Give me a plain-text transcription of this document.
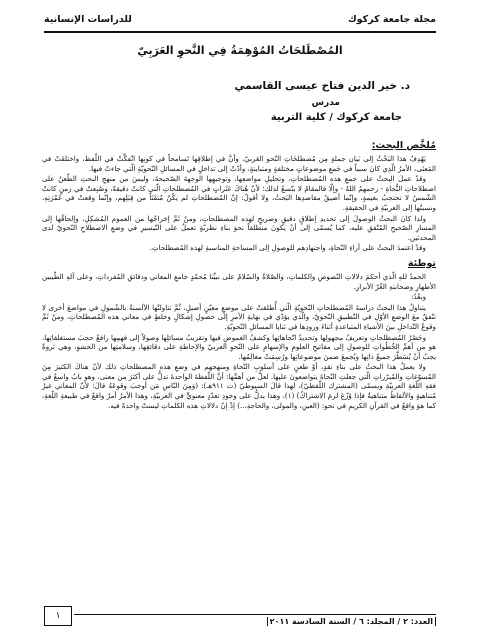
مجلة جامعة كركوك
للدراسات الإنسانية
المُصْطَلحَاتُ المُوْهِمَةُ فِي النَّحوِ العَرَبِيّ
د. خير الدين فتاح عيسى القاسمي
مدرس
جامعة كركوك / كلية التربية
مُلخَّص البحث:

يَهْدِفُ هذا البَحْثُ إلى بَيان جملةٍ مِن مُصطلحَاتِ النّحو العَربيّ، وأنَّ في إطلاقِها تَسامحاً في كونِها انْفكَّتْ في اللّفظ، واختلفَتْ في المَعنَى، الأمرُ الّذِي كانَ سبباً في جَمعِ موضوعاتٍ مختلفةٍ ومتباينةٍ، وأدّتْ إلى تداخلٍ في المسائلِ النّحويّةِ الّتي جاءتْ فيها.

وقدْ عملَ البحثُ على جمعِ هذه المُصطلحاتِ، وتحليلِ مواضعِها، وتوجيهِها الوجهةَ الصّحيحةَ، وليسَ من منهجِ البحثِ الطّعنُ على اصطلاحاتِ النُّحاةِ - رحمهمُ اللهُ - وإلّا فالمقامُ لا يتّسعُ لذلك؛ لأنّ هُناكَ عَثَراتٍ في المُصطلحاتِ الّتي كانتْ دقيقةً، وصُنِعتْ في زمنٍ كانتْ الشّمسُ لا تحتجبُ بغيمةٍ، وإنّما أضيقُ مقاصدِها البَحثُ، ولا أقولُ: إنّ المُصطلحاتِ لم يكُنْ مُتقَنَاً من قِبَلِهم، وإنّما وقعتْ في غَمْرَتِهِ، ونسبتُها إلى العربيّةِ في الحقيقةِ.

ولذا كانَ البحثُ الوصولَ إلى تحديدِ إطلاقٍ دقيقٍ وصريحٍ لهذه المصطلحاتِ، ومنْ ثَمَّ إخراجُها من العموم المُشكِلِ، وإلحاقُها إلى المسارِ الصّحيحِ المُتّفقِ عليه، كما يُسمّى إلى أنْ يكونَ منطلقاً نحوَ بناءِ نظريّةٍ تعملُ على التّيسيرِ في وضعِ الاصطلاحِ النّحويّ لدى المحدثين.

وقدْ اعتمدَ البحثُ على آراءِ النّحاةِ، واجتهادِهم للوصولِ إلى المساحةِ المناسبةِ لهذه المُصطلحاتِ.

توطئة

الحمدُ للهِ الّذي أحكمَ دلالاتِ النّصوصِ والكلماتِ، والصّلاةُ والسّلامُ على نبيِّنا مُحمّدٍ جامعِ المعاني ودقائقِ المُفرداتِ، وعلى آلهِ الطّيبين الأطهارِ وصحابتهِ الغُرّ الأبرارِ.

وبعْدُ:

يتناولُ هذا البحثُ دراسةَ المُصطلحاتِ النّحويّةِ الّتي أُطلقتْ على موضعٍ معيّنٍ أصيلٍ، ثُمَّ تناولتْها الألسنةُ بالشّمولِ في مواضعَ أخرى لا تتّفقُ معَ الوضعِ الأوّلِ في التّطبيقِ النّحويّ، والّذي يؤدّي في نهايةِ الأمرِ إلى حصولِ إشكالٍ وخلطٍ في معاني هذه المُصطلحاتِ، ومنْ ثَمَّ وقوعُ التّداخلِ بينَ الأشياءِ المتباعدةِ أثناءَ ورودِها في ثنايا المسائلِ النّحويّةِ.

وحَصْرُ المُصطلحاتِ وتعريفُ مجهولِها وتحديدُ اتّجاهاتِها وكشفُ الغموضِ فيها وتقريبُ مسائلِها وصولاً إلى فهمِها رافعٌ حجبَ مستغلقاتِها، هو من أهمِّ الخُطُواتِ للوصولِ إلى مفاتيحِ العلومِ والإسهامِ على النّحوِ العربيّ والإحاطةِ على دقائقِها، وسلامتِها من الحشوِ، وهي ثروةٌ يجبُ أنْ يُسَطَّرَ جميعُ ذاتِها ويُجمعَ ضمنَ موضوعاتِها ورُسِمَتْ معالِمُها.

ولا يعملُ هذا البحثُ على بناءِ نقدٍ، أوْ طعنٍ على أسلوبِ النّحاةِ ومنهجهم في وضعِ هذه المصطلحاتِ ذلك لأنّ هناكَ الكثيرَ مِنَ المُسوّغاتِ والمُبرّراتِ الّتي جعلتِ النّحاةَ يتواضعونَ عليها. لعلَّ من أهمِّها: أنَّ اللّفظةَ الواحدةَ تدلُّ على أكثرَ من معنى، وهو بابُ واسعٌ في فقهِ اللّغةِ العربيّةِ ويسمّى (المشترك اللّفظيّ)، لهذا قالَ السيوطيّ (ت ٩١١هـ): (وَمِنَ النّاسِ مَن أوجبَ وقوعَهُ قالَ: لأنّ المعاني غيرُ مُتناهيةٍ والألفاظُ متناهيةٌ فإذا وُزّعَ لزمَ الاشتراكُ) (١)، وهذا يدلُّ على وجودِ تعدّدٍ معنويٍّ في العربيّةِ، وهذا الأمرُ أمرٌ واقعٌ في طبيعةِ اللّغةِ، كما هوَ واقعٌ في القرآنِ الكريمِ في نحو: (العينِ، والمولى، والحاجةِ...) إذْ إنّ دلالاتِ هذه الكلماتِ ليستْ واحدةً فيه.

١
العدد: ٢ / المجلد: ٦ / السنة السادسة ٢٠١١
